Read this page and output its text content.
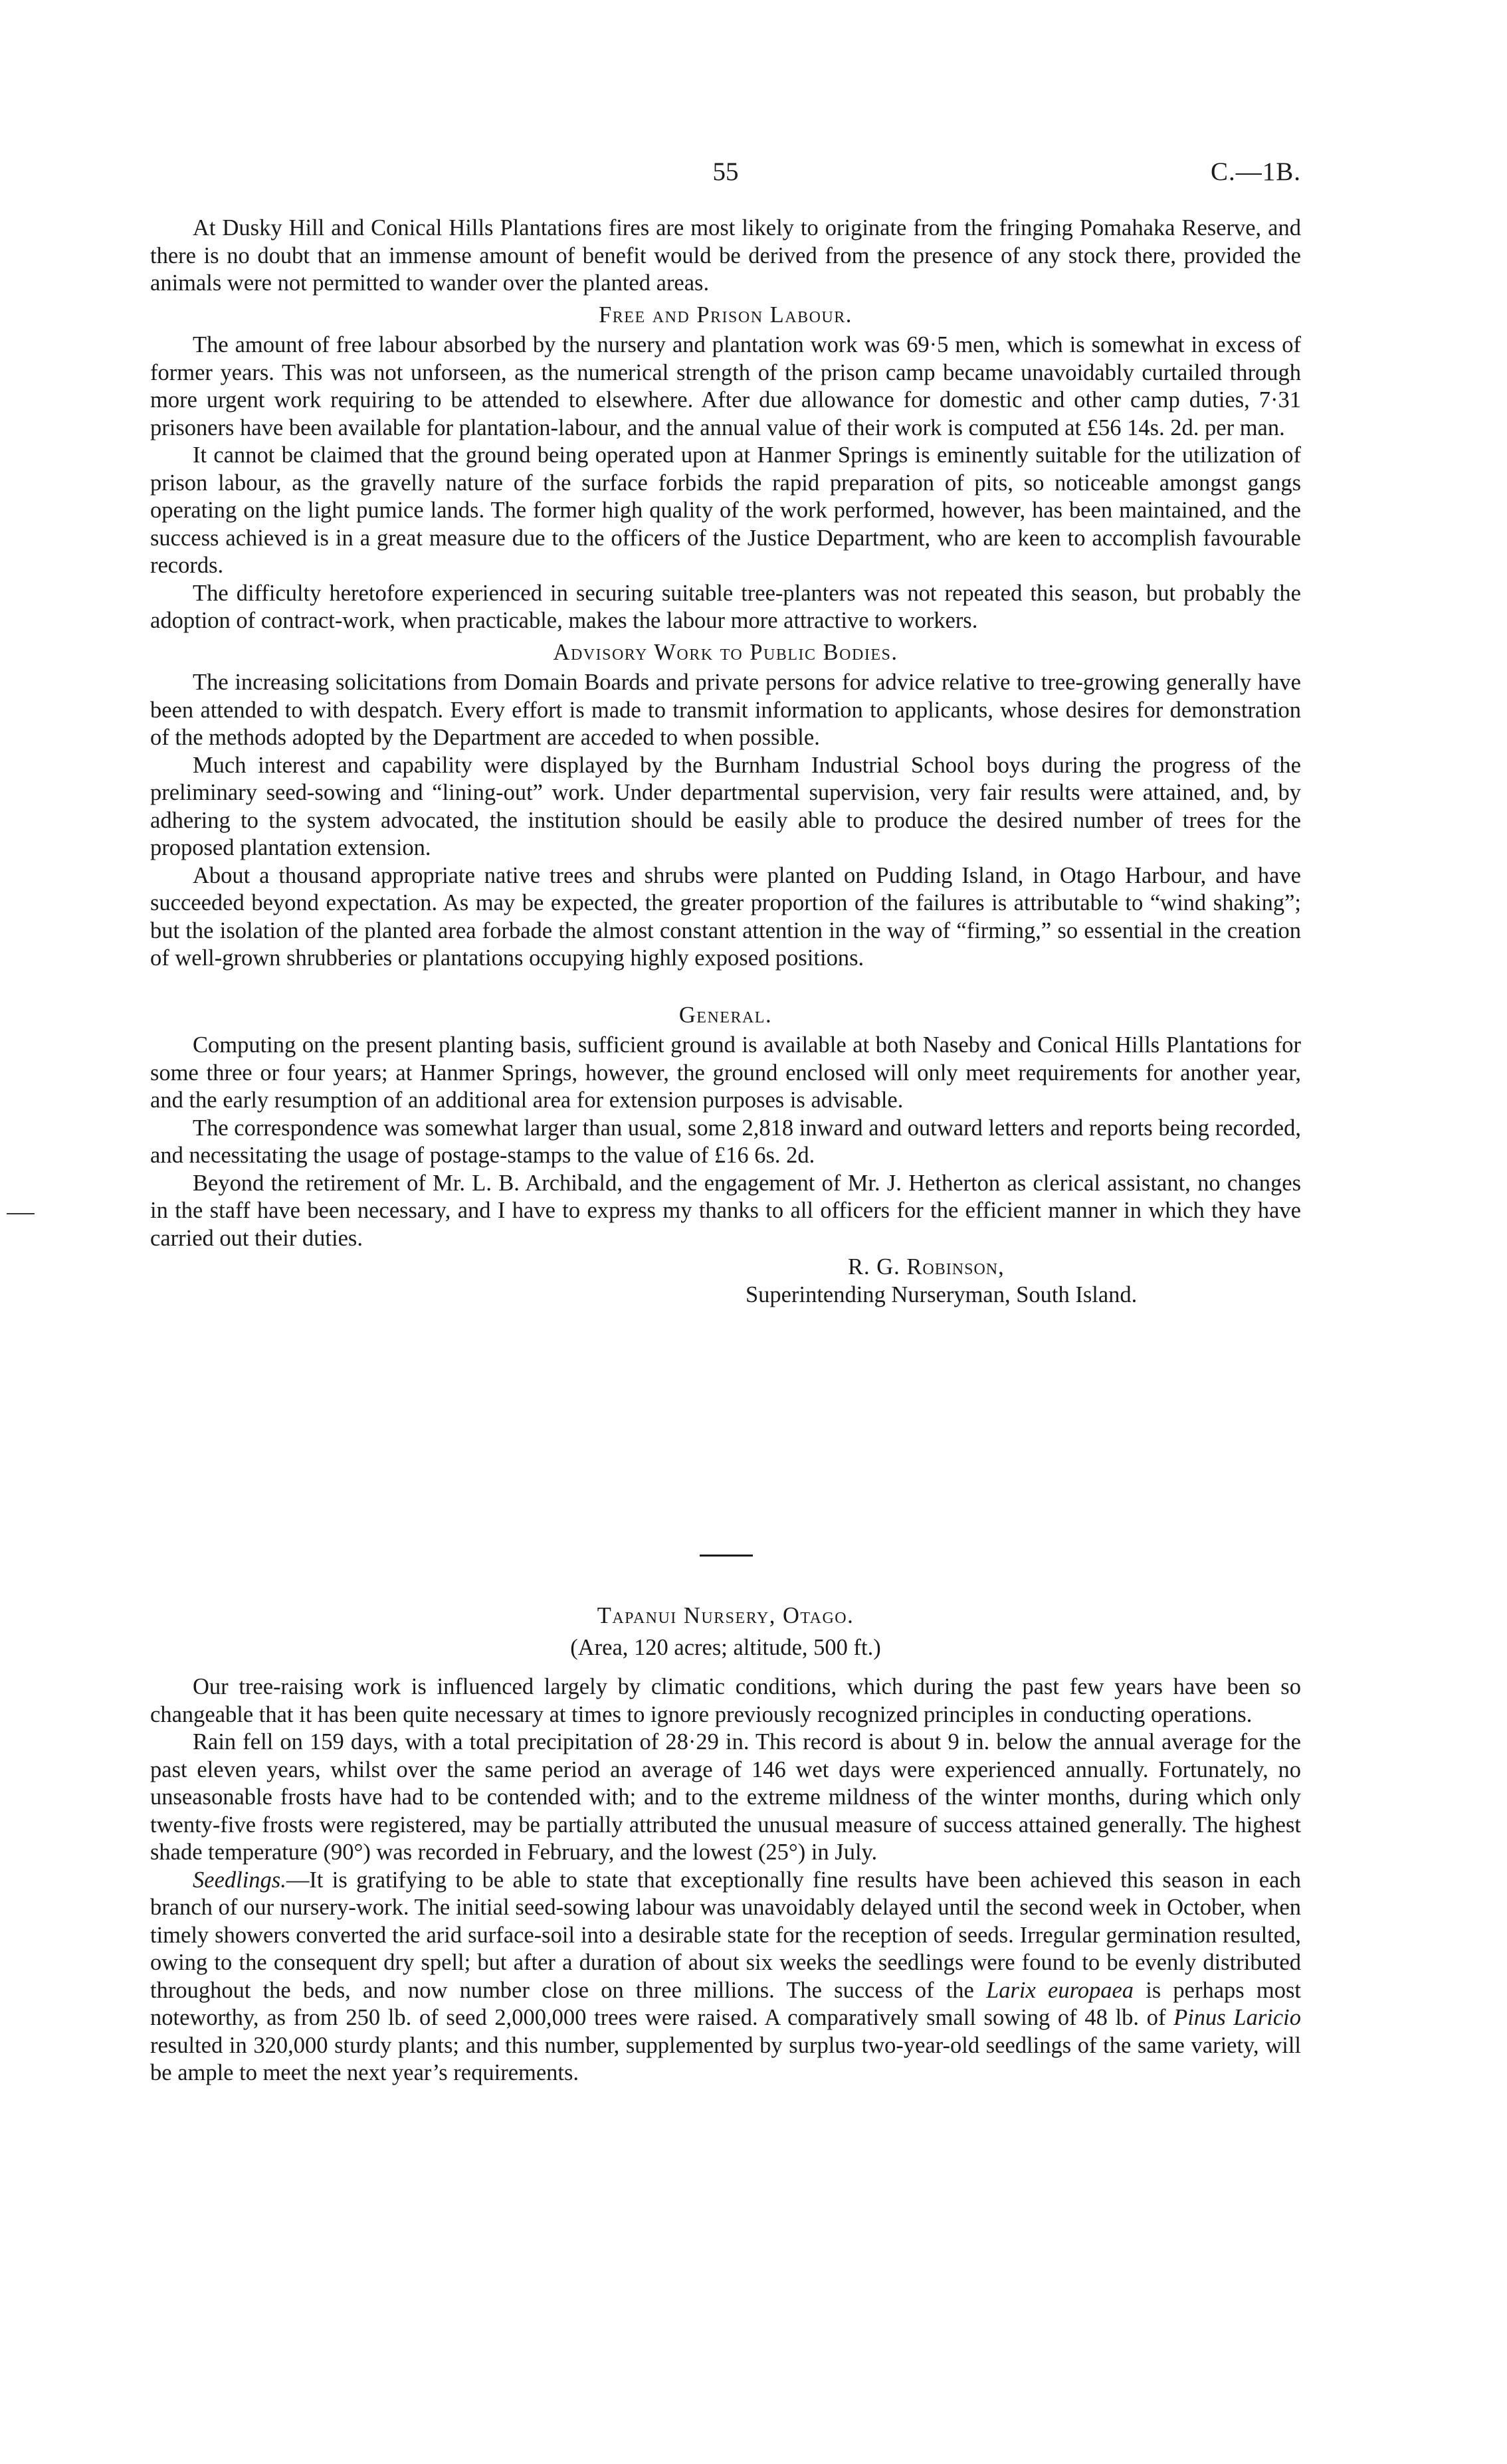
55	C.—1B.

At Dusky Hill and Conical Hills Plantations fires are most likely to originate from the fringing Pomahaka Reserve, and there is no doubt that an immense amount of benefit would be derived from the presence of any stock there, provided the animals were not permitted to wander over the planted areas.

Free and Prison Labour.

The amount of free labour absorbed by the nursery and plantation work was 69·5 men, which is somewhat in excess of former years. This was not unforseen, as the numerical strength of the prison camp became unavoidably curtailed through more urgent work requiring to be attended to elsewhere. After due allowance for domestic and other camp duties, 7·31 prisoners have been available for plantation-labour, and the annual value of their work is computed at £56 14s. 2d. per man.

It cannot be claimed that the ground being operated upon at Hanmer Springs is eminently suitable for the utilization of prison labour, as the gravelly nature of the surface forbids the rapid preparation of pits, so noticeable amongst gangs operating on the light pumice lands. The former high quality of the work performed, however, has been maintained, and the success achieved is in a great measure due to the officers of the Justice Department, who are keen to accomplish favourable records.

The difficulty heretofore experienced in securing suitable tree-planters was not repeated this season, but probably the adoption of contract-work, when practicable, makes the labour more attractive to workers.

Advisory Work to Public Bodies.

The increasing solicitations from Domain Boards and private persons for advice relative to tree-growing generally have been attended to with despatch. Every effort is made to transmit information to applicants, whose desires for demonstration of the methods adopted by the Department are acceded to when possible.

Much interest and capability were displayed by the Burnham Industrial School boys during the progress of the preliminary seed-sowing and “lining-out” work. Under departmental supervision, very fair results were attained, and, by adhering to the system advocated, the institution should be easily able to produce the desired number of trees for the proposed plantation extension.

About a thousand appropriate native trees and shrubs were planted on Pudding Island, in Otago Harbour, and have succeeded beyond expectation. As may be expected, the greater proportion of the failures is attributable to “wind shaking”; but the isolation of the planted area forbade the almost constant attention in the way of “firming,” so essential in the creation of well-grown shrubberies or plantations occupying highly exposed positions.

General.

Computing on the present planting basis, sufficient ground is available at both Naseby and Conical Hills Plantations for some three or four years; at Hanmer Springs, however, the ground enclosed will only meet requirements for another year, and the early resumption of an additional area for extension purposes is advisable.

The correspondence was somewhat larger than usual, some 2,818 inward and outward letters and reports being recorded, and necessitating the usage of postage-stamps to the value of £16 6s. 2d.

Beyond the retirement of Mr. L. B. Archibald, and the engagement of Mr. J. Hetherton as clerical assistant, no changes in the staff have been necessary, and I have to express my thanks to all officers for the efficient manner in which they have carried out their duties.

R. G. Robinson,
Superintending Nurseryman, South Island.
Tapanui Nursery, Otago.
(Area, 120 acres; altitude, 500 ft.)

Our tree-raising work is influenced largely by climatic conditions, which during the past few years have been so changeable that it has been quite necessary at times to ignore previously recognized principles in conducting operations.

Rain fell on 159 days, with a total precipitation of 28·29 in. This record is about 9 in. below the annual average for the past eleven years, whilst over the same period an average of 146 wet days were experienced annually. Fortunately, no unseasonable frosts have had to be contended with; and to the extreme mildness of the winter months, during which only twenty-five frosts were registered, may be partially attributed the unusual measure of success attained generally. The highest shade temperature (90°) was recorded in February, and the lowest (25°) in July.

Seedlings.—It is gratifying to be able to state that exceptionally fine results have been achieved this season in each branch of our nursery-work. The initial seed-sowing labour was unavoidably delayed until the second week in October, when timely showers converted the arid surface-soil into a desirable state for the reception of seeds. Irregular germination resulted, owing to the consequent dry spell; but after a duration of about six weeks the seedlings were found to be evenly distributed throughout the beds, and now number close on three millions. The success of the Larix europaea is perhaps most noteworthy, as from 250 lb. of seed 2,000,000 trees were raised. A comparatively small sowing of 48 lb. of Pinus Laricio resulted in 320,000 sturdy plants; and this number, supplemented by surplus two-year-old seedlings of the same variety, will be ample to meet the next year’s requirements.
